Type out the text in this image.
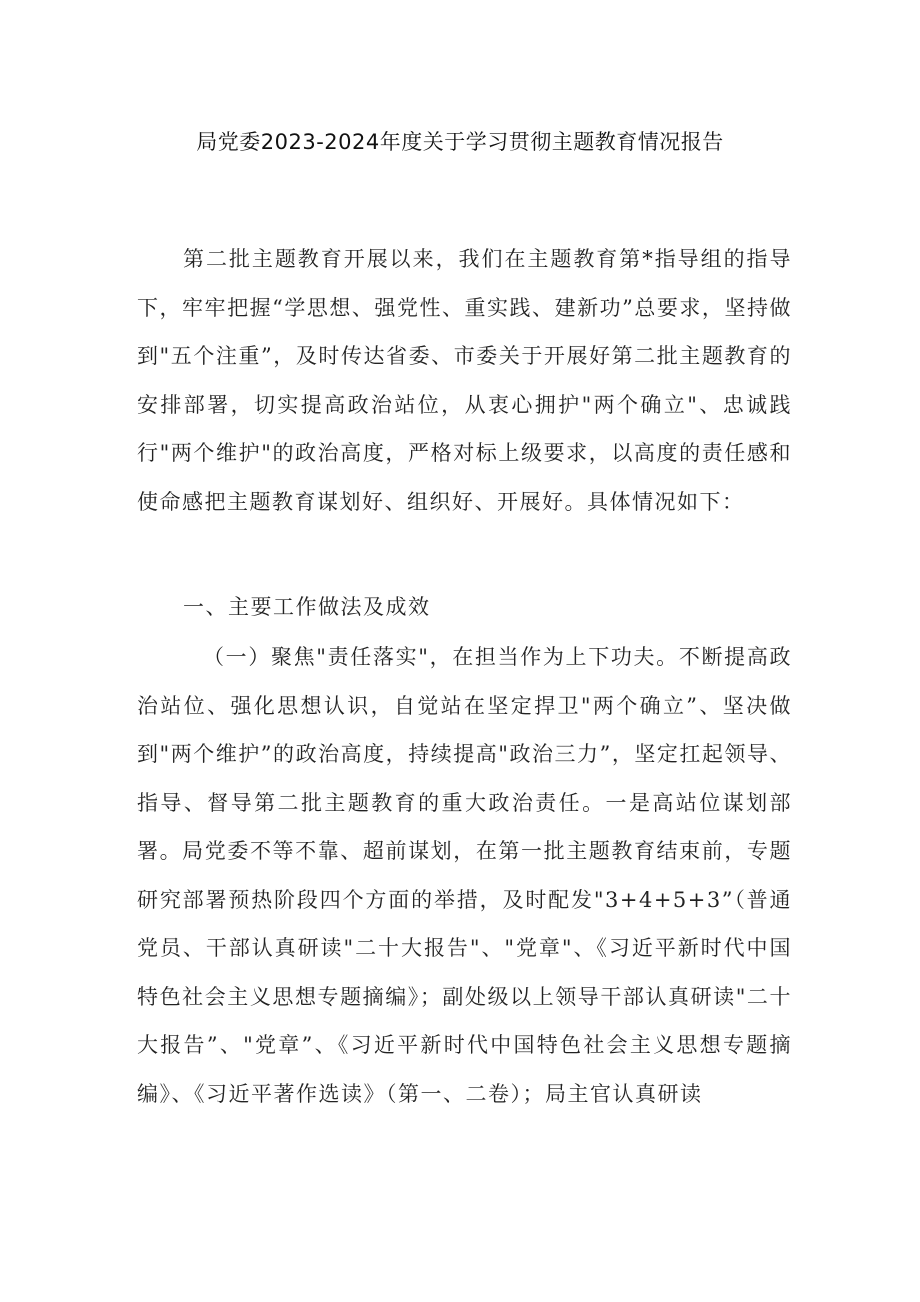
局党委2023-2024年度关于学习贯彻主题教育情况报告
第二批主题教育开展以来，我们在主题教育第*指导组的指导下，牢牢把握“学思想、强党性、重实践、建新功”总要求，坚持做到"五个注重”，及时传达省委、市委关于开展好第二批主题教育的安排部署，切实提高政治站位，从衷心拥护"两个确立"、忠诚践行"两个维护"的政治高度，严格对标上级要求，以高度的责任感和使命感把主题教育谋划好、组织好、开展好。具体情况如下：
一、主要工作做法及成效
（一）聚焦"责任落实"，在担当作为上下功夫。不断提高政治站位、强化思想认识，自觉站在坚定捍卫"两个确立”、坚决做到"两个维护”的政治高度，持续提高"政治三力”，坚定扛起领导、指导、督导第二批主题教育的重大政治责任。一是高站位谋划部署。局党委不等不靠、超前谋划，在第一批主题教育结束前，专题研究部署预热阶段四个方面的举措，及时配发"3+4+5+3”（普通党员、干部认真研读"二十大报告"、"党章"、《习近平新时代中国特色社会主义思想专题摘编》；副处级以上领导干部认真研读"二十大报告”、"党章”、《习近平新时代中国特色社会主义思想专题摘编》、《习近平著作选读》（第一、二卷）；局主官认真研读
